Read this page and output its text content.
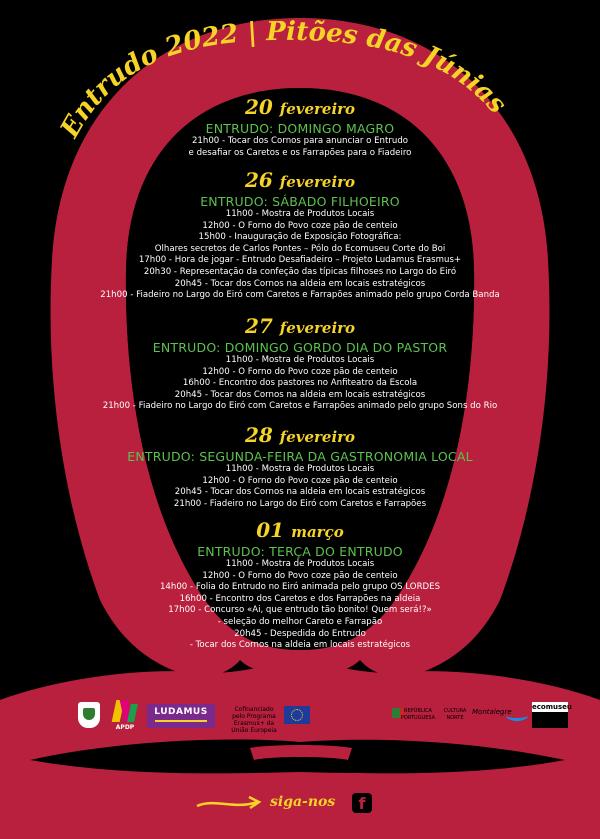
Entrudo 2022 | Pitões das Júnias
20 fevereiro
ENTRUDO: DOMINGO MAGRO
21h00 - Tocar dos Cornos para anunciar o Entrudo
e desafiar os Caretos e os Farrapões para o Fiadeiro
26 fevereiro
ENTRUDO: SÁBADO FILHOEIRO
11h00 - Mostra de Produtos Locais
12h00 - O Forno do Povo coze pão de centeio
15h00 - Inauguração de Exposição Fotográfica:
Olhares secretos de Carlos Pontes – Pólo do Ecomuseu Corte do Boi
17h00 - Hora de jogar - Entrudo Desafiadeiro – Projeto Ludamus Erasmus+
20h30 - Representação da confeção das típicas filhoses no Largo do Eiró
20h45 - Tocar dos Cornos na aldeia em locais estratégicos
21h00 - Fiadeiro no Largo do Eiró com Caretos e Farrapões animado pelo grupo Corda Banda
27 fevereiro
ENTRUDO: DOMINGO GORDO DIA DO PASTOR
11h00 - Mostra de Produtos Locais
12h00 - O Forno do Povo coze pão de centeio
16h00 - Encontro dos pastores no Anfiteatro da Escola
20h45 - Tocar dos Cornos na aldeia em locais estratégicos
21h00 - Fiadeiro no Largo do Eiró com Caretos e Farrapões animado pelo grupo Sons do Rio
28 fevereiro
ENTRUDO: SEGUNDA-FEIRA DA GASTRONOMIA LOCAL
11h00 - Mostra de Produtos Locais
12h00 - O Forno do Povo coze pão de centeio
20h45 - Tocar dos Cornos na aldeia em locais estratégicos
21h00 - Fiadeiro no Largo do Eiró com Caretos e Farrapões
01 março
ENTRUDO: TERÇA DO ENTRUDO
11h00 - Mostra de Produtos Locais
12h00 - O Forno do Povo coze pão de centeio
14h00 - Folia do Entrudo no Eiró animada pelo grupo OS LORDES
16h00 - Encontro dos Caretos e dos Farrapões na aldeia
17h00 - Concurso «Ai, que entrudo tão bonito! Quem será!?»
- seleção do melhor Careto e Farrapão
20h45 - Despedida do Entrudo
- Tocar dos Cornos na aldeia em locais estratégicos
APDP
LUDAMUS	Cofinanciado pelo Programa Erasmus+ da União Europeia
REPÚBLICA PORTUGUESA
CULTURA NORTE
Montalegre
ecomuseu
siga-nos	f
